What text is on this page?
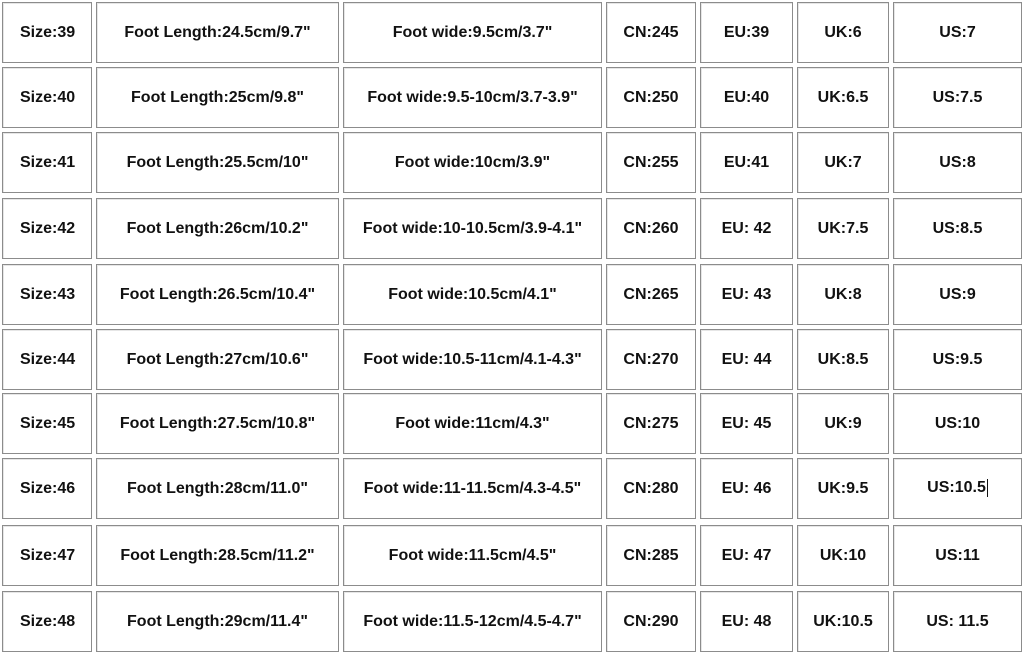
Size:39	Foot Length:24.5cm/9.7"	Foot wide:9.5cm/3.7"	CN:245	EU:39	UK:6	US:7
Size:40	Foot Length:25cm/9.8"	Foot wide:9.5-10cm/3.7-3.9"	CN:250	EU:40	UK:6.5	US:7.5
Size:41	Foot Length:25.5cm/10"	Foot wide:10cm/3.9"	CN:255	EU:41	UK:7	US:8
Size:42	Foot Length:26cm/10.2"	Foot wide:10-10.5cm/3.9-4.1"	CN:260	EU: 42	UK:7.5	US:8.5
Size:43	Foot Length:26.5cm/10.4"	Foot wide:10.5cm/4.1"	CN:265	EU: 43	UK:8	US:9
Size:44	Foot Length:27cm/10.6"	Foot wide:10.5-11cm/4.1-4.3"	CN:270	EU: 44	UK:8.5	US:9.5
Size:45	Foot Length:27.5cm/10.8"	Foot wide:11cm/4.3"	CN:275	EU: 45	UK:9	US:10
Size:46	Foot Length:28cm/11.0"	Foot wide:11-11.5cm/4.3-4.5"	CN:280	EU: 46	UK:9.5	US:10.5
Size:47	Foot Length:28.5cm/11.2"	Foot wide:11.5cm/4.5"	CN:285	EU: 47	UK:10	US:11
Size:48	Foot Length:29cm/11.4"	Foot wide:11.5-12cm/4.5-4.7"	CN:290	EU: 48	UK:10.5	US: 11.5
